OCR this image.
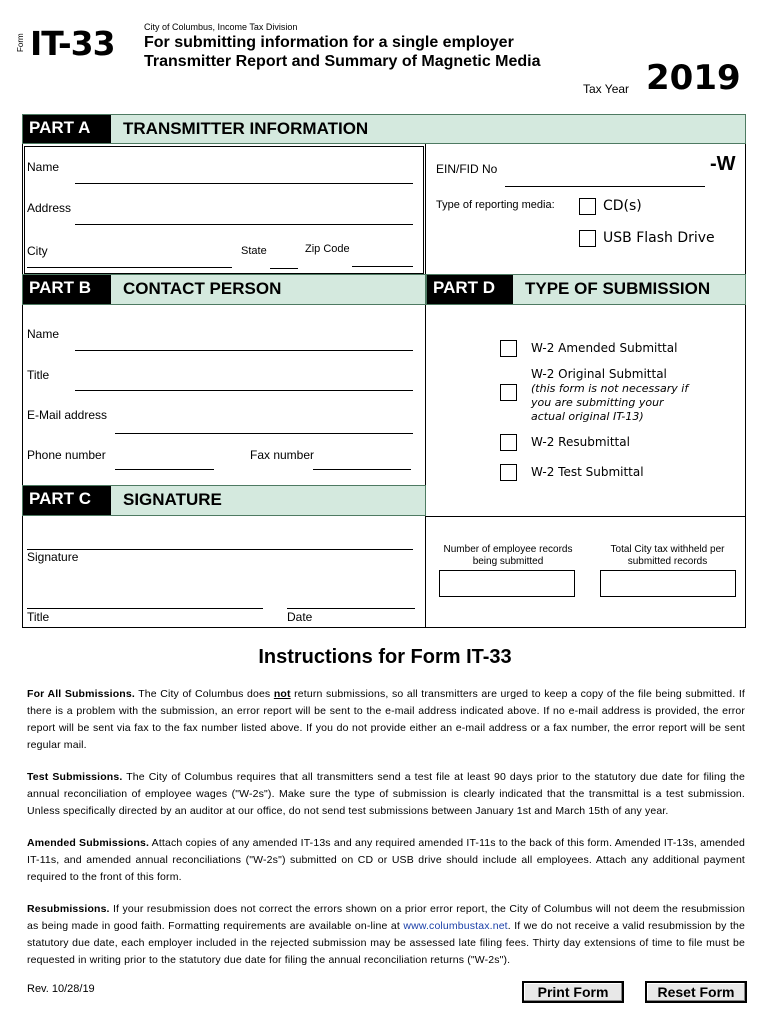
Form IT-33	City of Columbus, Income Tax Division
For submitting information for a single employer
Transmitter Report and Summary of Magnetic Media
Tax Year 2019
PART A	TRANSMITTER INFORMATION
Name
Address
City	State	Zip Code
EIN/FID No	-W
Type of reporting media:	CD(s)
USB Flash Drive
PART B	CONTACT PERSON	PART D	TYPE OF SUBMISSION
Name
Title
E-Mail address
Phone number	Fax number
W-2 Amended Submittal
W-2 Original Submittal
(this form is not necessary if
you are submitting your
actual original IT-13)
W-2 Resubmittal
W-2 Test Submittal
PART C	SIGNATURE
Signature
Title	Date
Number of employee records
being submitted
Total City tax withheld per
submitted records
Instructions for Form IT-33

For All Submissions. The City of Columbus does not return submissions, so all transmitters are urged to keep a copy of the file being submitted. If there is a problem with the submission, an error report will be sent to the e-mail address indicated above. If no e-mail address is provided, the error report will be sent via fax to the fax number listed above. If you do not provide either an e-mail address or a fax number, the error report will be sent regular mail.

Test Submissions. The City of Columbus requires that all transmitters send a test file at least 90 days prior to the statutory due date for filing the annual reconciliation of employee wages ("W-2s"). Make sure the type of submission is clearly indicated that the transmittal is a test submission. Unless specifically directed by an auditor at our office, do not send test submissions between January 1st and March 15th of any year.

Amended Submissions. Attach copies of any amended IT-13s and any required amended IT-11s to the back of this form. Amended IT-13s, amended IT-11s, and amended annual reconciliations ("W-2s") submitted on CD or USB drive should include all employees. Attach any additional payment required to the front of this form.

Resubmissions. If your resubmission does not correct the errors shown on a prior error report, the City of Columbus will not deem the resubmission as being made in good faith. Formatting requirements are available on-line at www.columbustax.net. If we do not receive a valid resubmission by the statutory due date, each employer included in the rejected submission may be assessed late filing fees. Thirty day extensions of time to file must be requested in writing prior to the statutory due date for filing the annual reconciliation returns ("W-2s").

Rev. 10/28/19	Print Form	Reset Form
